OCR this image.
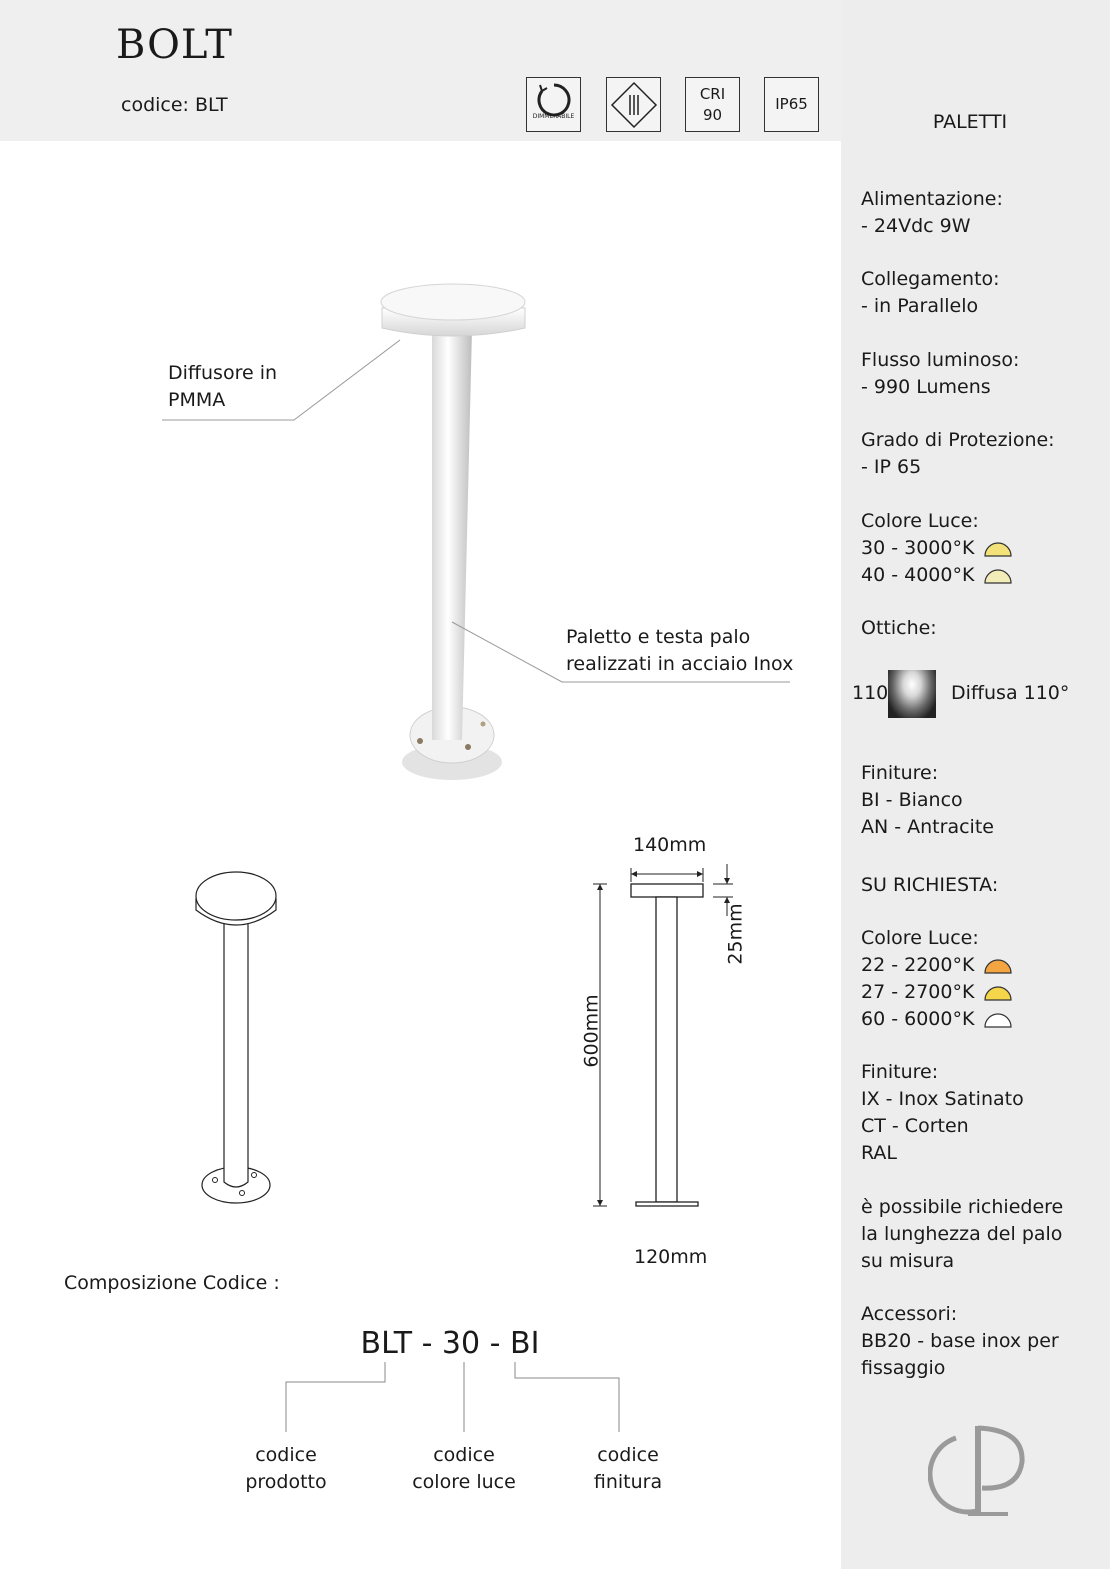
BOLT
codice: BLT
DIMMERABILE
CRI
90
IP65
PALETTI
Diffusore in
PMMA
Paletto e testa palo
realizzati in acciaio Inox
140mm
25mm
600mm
120mm
Composizione Codice :
BLT - 30 - BI
codice
prodotto
codice
colore luce
codice
finitura
Alimentazione:
- 24Vdc 9W
Collegamento:
- in Parallelo
Flusso luminoso:
- 990 Lumens
Grado di Protezione:
- IP 65
Colore Luce:
30 - 3000°K
40 - 4000°K
Ottiche:
110	Diffusa 110°
Finiture:
BI - Bianco
AN - Antracite
SU RICHIESTA:
Colore Luce:
22 - 2200°K
27 - 2700°K
60 - 6000°K
Finiture:
IX - Inox Satinato
CT - Corten
RAL
è possibile richiedere
la lunghezza del palo
su misura
Accessori:
BB20 - base inox per
fissaggio
